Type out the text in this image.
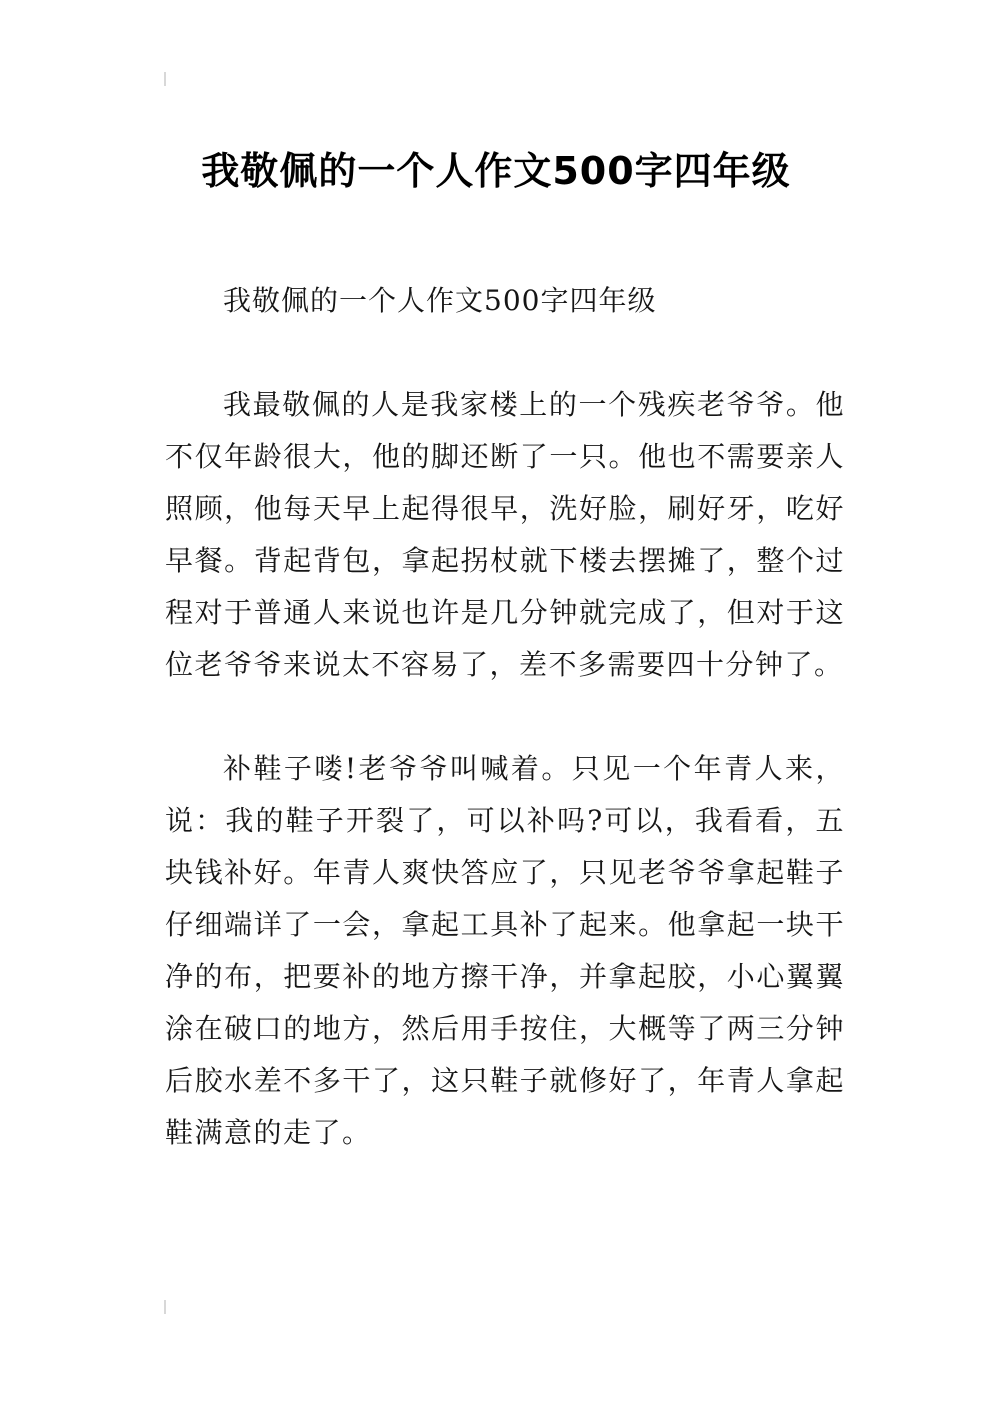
我敬佩的一个人作文500字四年级

我敬佩的一个人作文500字四年级

我最敬佩的人是我家楼上的一个残疾老爷爷。他不仅年龄很大，他的脚还断了一只。他也不需要亲人照顾，他每天早上起得很早，洗好脸，刷好牙，吃好早餐。背起背包，拿起拐杖就下楼去摆摊了，整个过程对于普通人来说也许是几分钟就完成了，但对于这位老爷爷来说太不容易了，差不多需要四十分钟了。

补鞋子喽!老爷爷叫喊着。只见一个年青人来，说：我的鞋子开裂了，可以补吗?可以，我看看，五块钱补好。年青人爽快答应了，只见老爷爷拿起鞋子仔细端详了一会，拿起工具补了起来。他拿起一块干净的布，把要补的地方擦干净，并拿起胶，小心翼翼涂在破口的地方，然后用手按住，大概等了两三分钟后胶水差不多干了，这只鞋子就修好了，年青人拿起鞋满意的走了。
